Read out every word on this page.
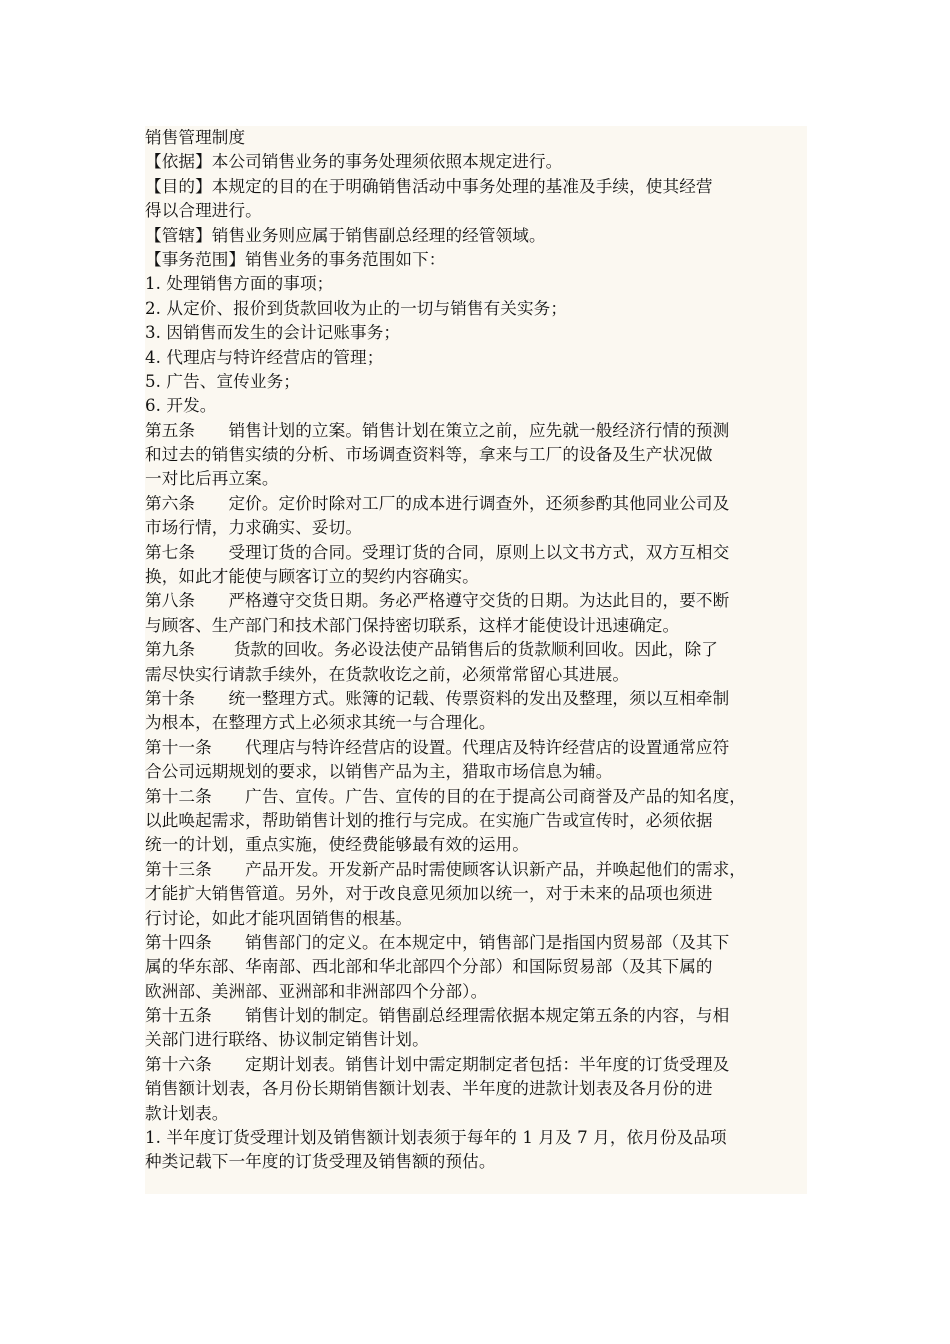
销售管理制度
【依据】本公司销售业务的事务处理须依照本规定进行。
【目的】本规定的目的在于明确销售活动中事务处理的基准及手续，使其经营
得以合理进行。
【管辖】销售业务则应属于销售副总经理的经管领域。
【事务范围】销售业务的事务范围如下：
1. 处理销售方面的事项；
2. 从定价、报价到货款回收为止的一切与销售有关实务；
3. 因销售而发生的会计记账事务；
4. 代理店与特许经营店的管理；
5. 广告、宣传业务；
6. 开发。
第五条　　销售计划的立案。销售计划在策立之前，应先就一般经济行情的预测
和过去的销售实绩的分析、市场调查资料等，拿来与工厂的设备及生产状况做
一对比后再立案。
第六条　　定价。定价时除对工厂的成本进行调查外，还须参酌其他同业公司及
市场行情，力求确实、妥切。
第七条　　受理订货的合同。受理订货的合同，原则上以文书方式，双方互相交
换，如此才能使与顾客订立的契约内容确实。
第八条　　严格遵守交货日期。务必严格遵守交货的日期。为达此目的，要不断
与顾客、生产部门和技术部门保持密切联系，这样才能使设计迅速确定。
第九条　　 货款的回收。务必设法使产品销售后的货款顺利回收。因此，除了
需尽快实行请款手续外，在货款收讫之前，必须常常留心其进展。
第十条　　统一整理方式。账簿的记载、传票资料的发出及整理，须以互相牵制
为根本，在整理方式上必须求其统一与合理化。
第十一条　　代理店与特许经营店的设置。代理店及特许经营店的设置通常应符
合公司远期规划的要求，以销售产品为主，猎取市场信息为辅。
第十二条　　广告、宣传。广告、宣传的目的在于提高公司商誉及产品的知名度，
以此唤起需求，帮助销售计划的推行与完成。在实施广告或宣传时，必须依据
统一的计划，重点实施，使经费能够最有效的运用。
第十三条　　产品开发。开发新产品时需使顾客认识新产品，并唤起他们的需求，
才能扩大销售管道。另外，对于改良意见须加以统一，对于未来的品项也须进
行讨论，如此才能巩固销售的根基。
第十四条　　销售部门的定义。在本规定中，销售部门是指国内贸易部（及其下
属的华东部、华南部、西北部和华北部四个分部）和国际贸易部（及其下属的
欧洲部、美洲部、亚洲部和非洲部四个分部）。
第十五条　　销售计划的制定。销售副总经理需依据本规定第五条的内容，与相
关部门进行联络、协议制定销售计划。
第十六条　　定期计划表。销售计划中需定期制定者包括：半年度的订货受理及
销售额计划表，各月份长期销售额计划表、半年度的进款计划表及各月份的进
款计划表。
1. 半年度订货受理计划及销售额计划表须于每年的 1 月及 7 月，依月份及品项
种类记载下一年度的订货受理及销售额的预估。
